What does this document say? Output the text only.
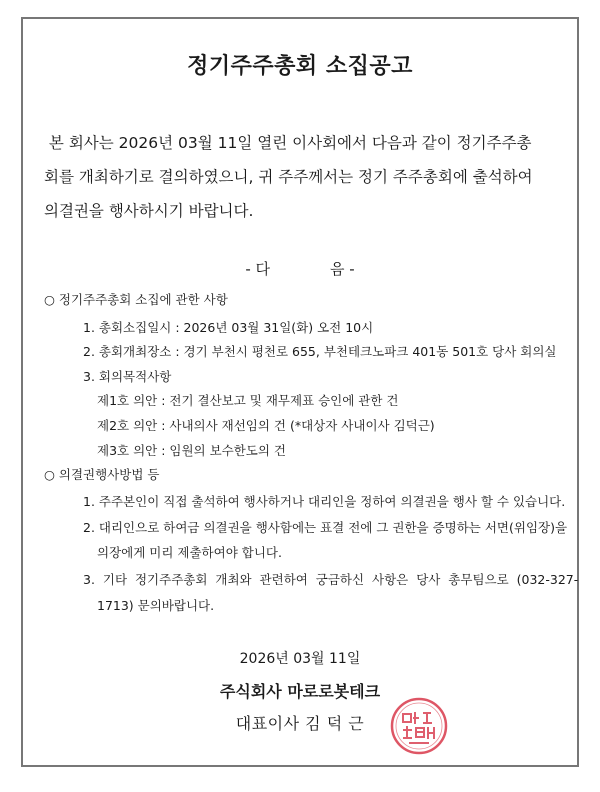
정기주주총회 소집공고
본 회사는 2026년 03월 11일 열린 이사회에서 다음과 같이 정기주주총
회를 개최하기로 결의하였으니, 귀 주주께서는 정기 주주총회에 출석하여
의결권을 행사하시기 바랍니다.
- 다	음 -
○ 정기주주총회 소집에 관한 사항
1. 총회소집일시 : 2026년 03월 31일(화) 오전 10시
2. 총회개최장소 : 경기 부천시 평천로 655, 부천테크노파크 401동 501호 당사 회의실
3. 회의목적사항
제1호 의안 : 전기 결산보고 및 재무제표 승인에 관한 건
제2호 의안 : 사내의사 재선임의 건 (*대상자 사내이사 김덕근)
제3호 의안 : 임원의 보수한도의 건
○ 의결권행사방법 등
1. 주주본인이 직접 출석하여 행사하거나 대리인을 정하여 의결권을 행사 할 수 있습니다.
2. 대리인으로 하여금 의결권을 행사함에는 표결 전에 그 권한을 증명하는 서면(위임장)을
의장에게 미리 제출하여야 합니다.
3.  기타  정기주주총회  개최와  관련하여  궁금하신  사항은  당사  총무팀으로  (032-327-
1713) 문의바랍니다.
2026년 03월 11일
주식회사 마로로봇테크
대표이사 김 덕 근
